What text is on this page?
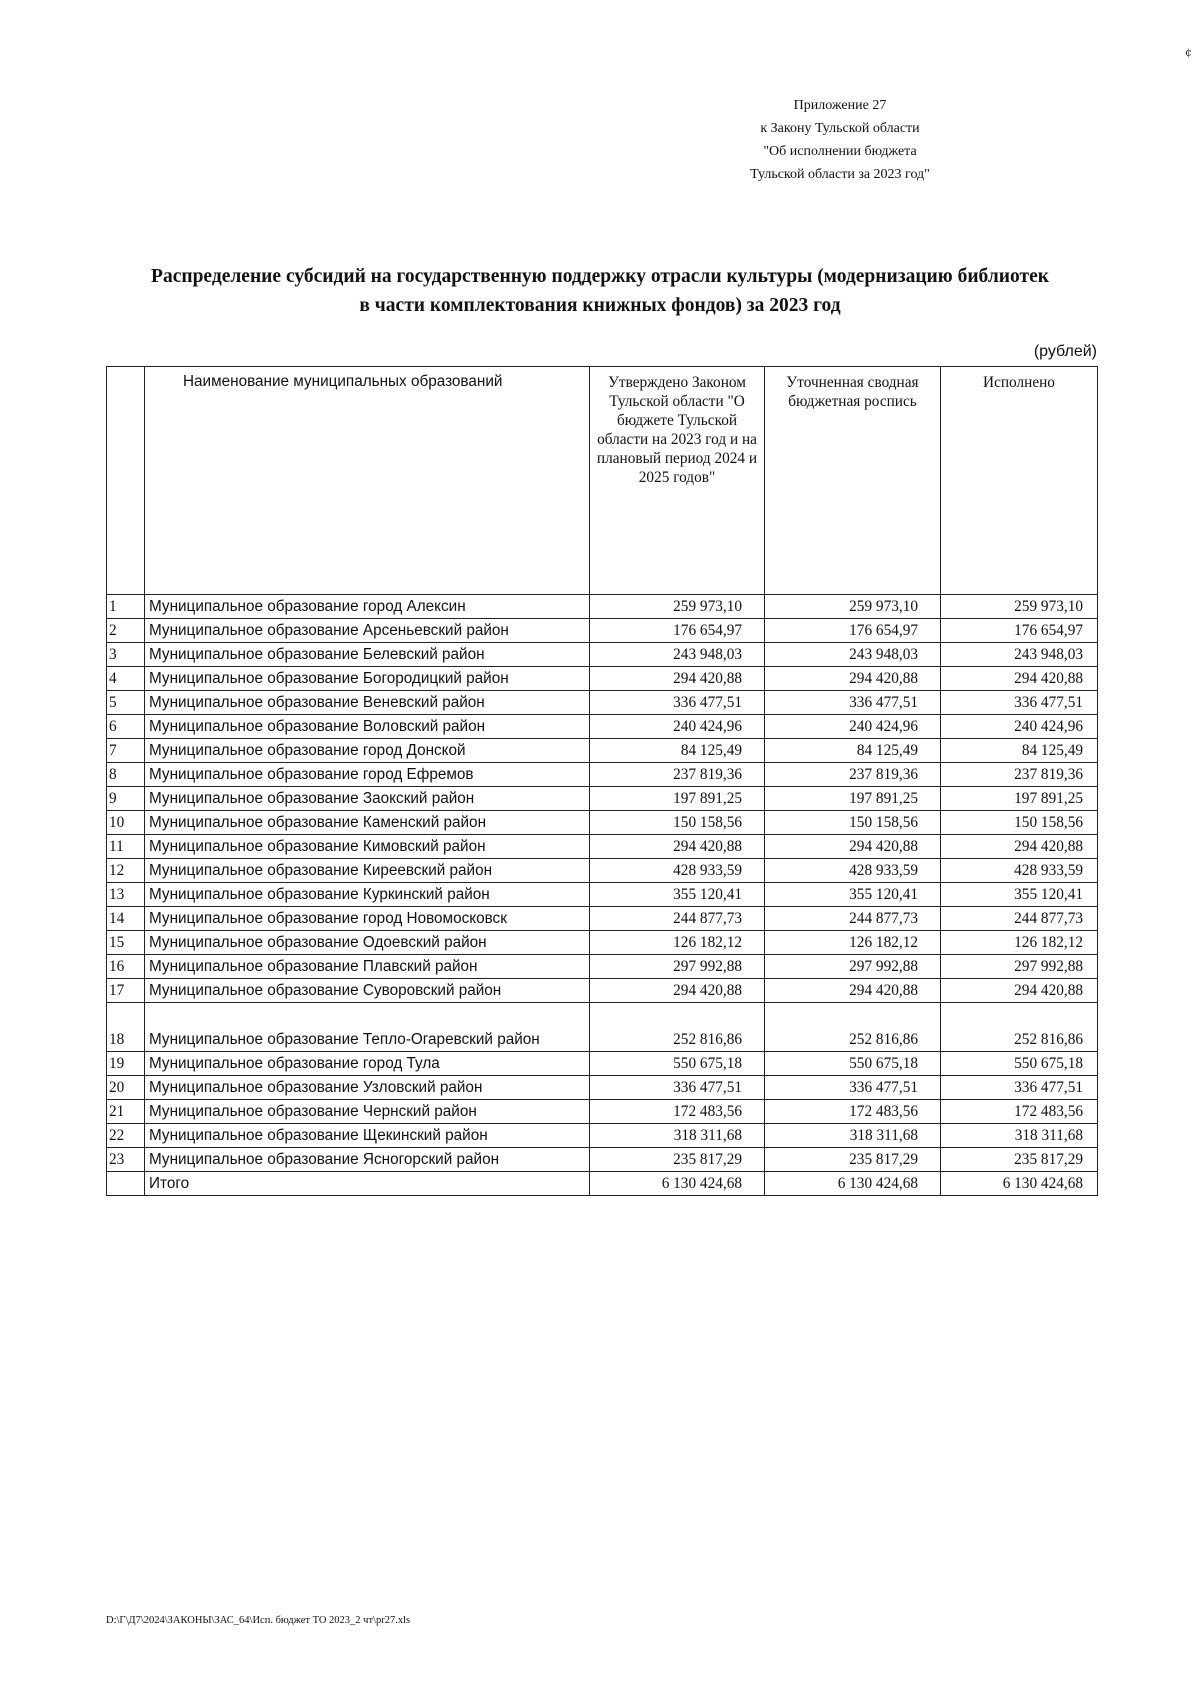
Приложение 27
к Закону Тульской области
"Об исполнении бюджета
Тульской области за 2023 год"
Распределение субсидий на государственную поддержку отрасли культуры (модернизацию библиотек
в части комплектования книжных фондов) за 2023 год
(рублей)
	Наименование муниципальных образований	Утверждено Законом Тульской области "О бюджете Тульской области на 2023 год и на плановый период 2024 и 2025 годов"	Уточненная сводная бюджетная роспись	Исполнено
1	Муниципальное образование город Алексин	259 973,10	259 973,10	259 973,10
2	Муниципальное образование Арсеньевский район	176 654,97	176 654,97	176 654,97
3	Муниципальное образование Белевский район	243 948,03	243 948,03	243 948,03
4	Муниципальное образование Богородицкий район	294 420,88	294 420,88	294 420,88
5	Муниципальное образование Веневский район	336 477,51	336 477,51	336 477,51
6	Муниципальное образование Воловский район	240 424,96	240 424,96	240 424,96
7	Муниципальное образование город Донской	84 125,49	84 125,49	84 125,49
8	Муниципальное образование город Ефремов	237 819,36	237 819,36	237 819,36
9	Муниципальное образование Заокский район	197 891,25	197 891,25	197 891,25
10	Муниципальное образование Каменский район	150 158,56	150 158,56	150 158,56
11	Муниципальное образование Кимовский район	294 420,88	294 420,88	294 420,88
12	Муниципальное образование Киреевский район	428 933,59	428 933,59	428 933,59
13	Муниципальное образование Куркинский район	355 120,41	355 120,41	355 120,41
14	Муниципальное образование город Новомосковск	244 877,73	244 877,73	244 877,73
15	Муниципальное образование Одоевский район	126 182,12	126 182,12	126 182,12
16	Муниципальное образование Плавский район	297 992,88	297 992,88	297 992,88
17	Муниципальное образование Суворовский район	294 420,88	294 420,88	294 420,88
18	Муниципальное образование Тепло-Огаревский район	252 816,86	252 816,86	252 816,86
19	Муниципальное образование город Тула	550 675,18	550 675,18	550 675,18
20	Муниципальное образование Узловский район	336 477,51	336 477,51	336 477,51
21	Муниципальное образование Чернский район	172 483,56	172 483,56	172 483,56
22	Муниципальное образование Щекинский район	318 311,68	318 311,68	318 311,68
23	Муниципальное образование Ясногорский район	235 817,29	235 817,29	235 817,29
	Итого	6 130 424,68	6 130 424,68	6 130 424,68
D:\Г\Д7\2024\ЗАКОНЫ\ЗАС_64\Исп. бюджет ТО 2023_2 чт\pr27.xls
¢
